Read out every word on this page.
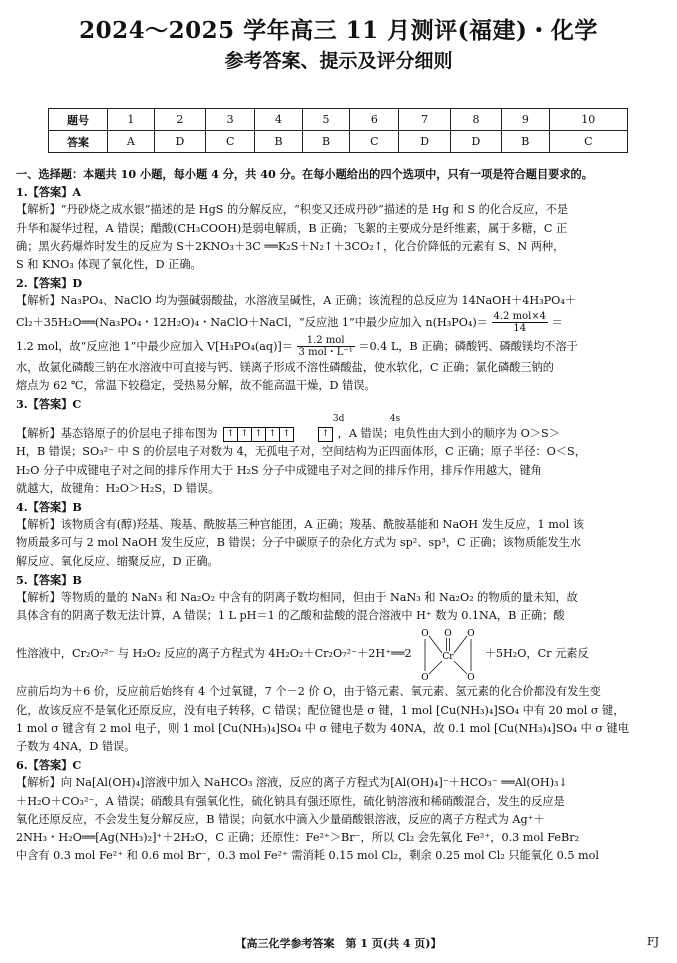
2024～2025 学年高三 11 月测评(福建)・化学
参考答案、提示及评分细则
题号	1	2	3	4	5	6	7	8	9	10
答案	A	D	C	B	B	C	D	D	B	C
一、选择题：本题共 10 小题，每小题 4 分，共 40 分。在每小题给出的四个选项中，只有一项是符合题目要求的。
1.【答案】A
【解析】“丹砂烧之成水银”描述的是 HgS 的分解反应，“积变又还成丹砂”描述的是 Hg 和 S 的化合反应，不是
升华和凝华过程，A 错误；醋酸(CH₃COOH)是弱电解质，B 正确；飞絮的主要成分是纤维素，属于多糖，C 正
确；黑火药爆炸时发生的反应为 S＋2KNO₃＋3C ══K₂S＋N₂↑＋3CO₂↑，化合价降低的元素有 S、N 两种，
S 和 KNO₃ 体现了氧化性，D 正确。
2.【答案】D
【解析】Na₃PO₄、NaClO 均为强碱弱酸盐，水溶液呈碱性，A 正确；该流程的总反应为 14NaOH＋4H₃PO₄＋
Cl₂＋35H₂O══(Na₃PO₄・12H₂O)₄・NaClO＋NaCl，“反应池 1”中最少应加入 $n(H_3PO_4)= \frac{\text{4.2 mol×4}}{14}$ ＝
1.2 mol，故“反应池 1”中最少应加入 $V[H_3PO_4(aq)]= \frac{\text{1.2 mol}}{\text{3 mol・L⁻¹}} =0.4$ L，B 正确；磷酸钙、磷酸镁均不溶于
水，故氯化磷酸三钠在水溶液中可直接与钙、镁离子形成不溶性磷酸盐，使水软化，C 正确；氯化磷酸三钠的
熔点为 62 ℃，常温下较稳定，受热易分解，故不能高温干燥，D 错误。
3.【答案】C
3d	4s
【解析】基态铬原子的价层电子排布图为	↑ ↑ ↑ ↑ ↑
	↑ ，A 错误；电负性由大到小的顺序为 O＞S＞
H，B 错误；SO₃²⁻ 中 S 的价层电子对数为 4，无孤电子对，空间结构为正四面体形，C 正确；原子半径：O＜S，
H₂O 分子中成键电子对之间的排斥作用大于 H₂S 分子中成键电子对之间的排斥作用，排斥作用越大，键角
就越大，故键角：H₂O＞H₂S，D 错误。
4.【答案】B
【解析】该物质含有(醇)羟基、羧基、酰胺基三种官能团，A 正确；羧基、酰胺基能和 NaOH 发生反应，1 mol 该
物质最多可与 2 mol NaOH 发生反应，B 错误；分子中碳原子的杂化方式为 sp²、sp³，C 正确；该物质能发生水
解反应、氧化反应、缩聚反应，D 正确。
5.【答案】B
【解析】等物质的量的 NaN₃ 和 Na₂O₂ 中含有的阴离子数均相同，但由于 NaN₃ 和 Na₂O₂ 的物质的量未知，故
具体含有的阴离子数无法计算，A 错误；1 L pH＝1 的乙酸和盐酸的混合溶液中 H⁺ 数为 0.1NA，B 正确；酸
性溶液中，Cr₂O₇²⁻ 与 H₂O₂ 反应的离子方程式为 4H₂O₂＋Cr₂O₇²⁻＋2H⁺══2
O O O
O	O
Cr	＋5H₂O，Cr 元素反
应前后均为＋6 价，反应前后始终有 4 个过氧键，7 个－2 价 O，由于铬元素、氧元素、氢元素的化合价都没有发生变
化，故该反应不是氧化还原反应，没有电子转移，C 错误；配位键也是 σ 键，1 mol [Cu(NH₃)₄]SO₄ 中有 20 mol σ 键，
1 mol σ 键含有 2 mol 电子，则 1 mol [Cu(NH₃)₄]SO₄ 中 σ 键电子数为 40NA，故 0.1 mol [Cu(NH₃)₄]SO₄ 中 σ 键电
子数为 4NA，D 错误。
6.【答案】C
【解析】向 Na[Al(OH)₄]溶液中加入 NaHCO₃ 溶液，反应的离子方程式为[Al(OH)₄]⁻＋HCO₃⁻ ══Al(OH)₃↓
＋H₂O＋CO₃²⁻，A 错误；硝酸具有强氧化性，硫化钠具有强还原性，硫化钠溶液和稀硝酸混合，发生的反应是
氧化还原反应，不会发生复分解反应，B 错误；向氨水中滴入少量硝酸银溶液，反应的离子方程式为 Ag⁺＋
2NH₃・H₂O══[Ag(NH₃)₂]⁺＋2H₂O，C 正确；还原性：Fe²⁺＞Br⁻，所以 Cl₂ 会先氧化 Fe²⁺，0.3 mol FeBr₂
中含有 0.3 mol Fe²⁺ 和 0.6 mol Br⁻，0.3 mol Fe²⁺ 需消耗 0.15 mol Cl₂，剩余 0.25 mol Cl₂ 只能氧化 0.5 mol
【高三化学参考答案　第 1 页(共 4 页)】	FJ
